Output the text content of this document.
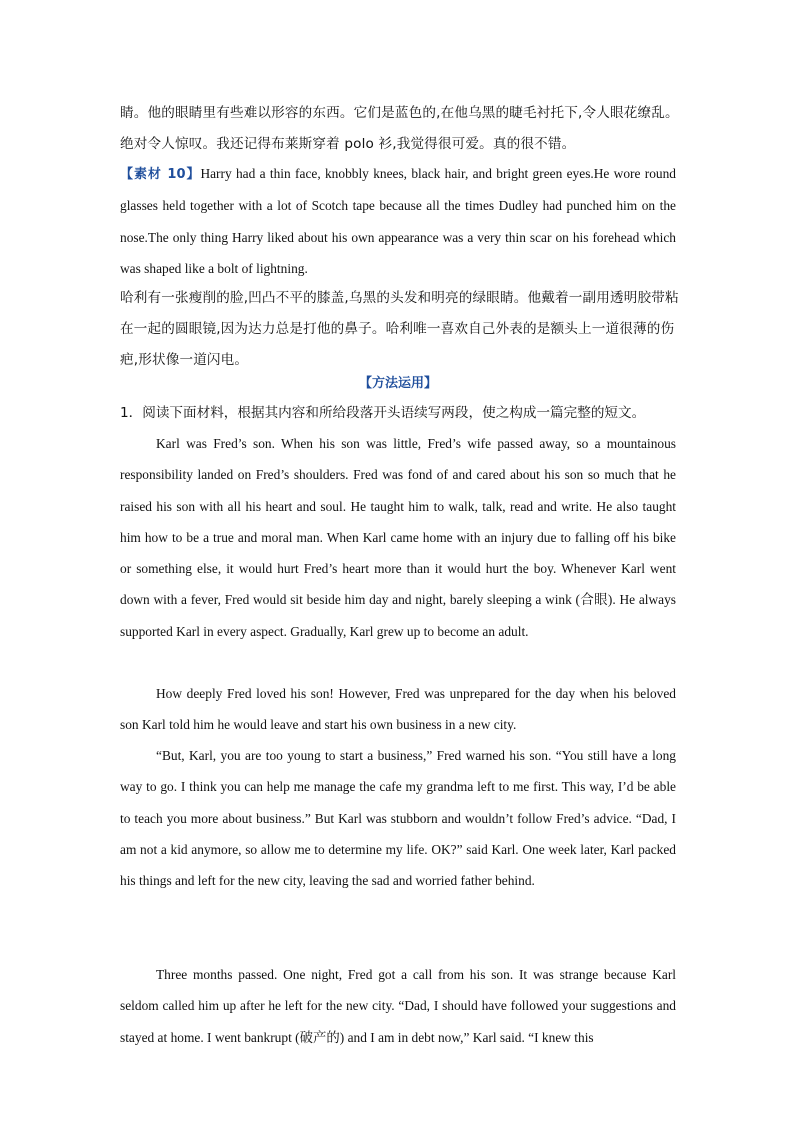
睛。他的眼睛里有些难以形容的东西。它们是蓝色的,在他乌黑的睫毛衬托下,令人眼花缭乱。

绝对令人惊叹。我还记得布莱斯穿着 polo 衫,我觉得很可爱。真的很不错。

【素材 10】Harry had a thin face, knobbly knees, black hair, and bright green eyes.He wore round glasses held together with a lot of Scotch tape because all the times Dudley had punched him on the nose.The only thing Harry liked about his own appearance was a very thin scar on his forehead which was shaped like a bolt of lightning.

哈利有一张瘦削的脸,凹凸不平的膝盖,乌黑的头发和明亮的绿眼睛。他戴着一副用透明胶带粘在一起的圆眼镜,因为达力总是打他的鼻子。哈利唯一喜欢自己外表的是额头上一道很薄的伤疤,形状像一道闪电。

【方法运用】

1．阅读下面材料，根据其内容和所给段落开头语续写两段，使之构成一篇完整的短文。

Karl was Fred’s son. When his son was little, Fred’s wife passed away, so a mountainous responsibility landed on Fred’s shoulders. Fred was fond of and cared about his son so much that he raised his son with all his heart and soul. He taught him to walk, talk, read and write. He also taught him how to be a true and moral man. When Karl came home with an injury due to falling off his bike or something else, it would hurt Fred’s heart more than it would hurt the boy. Whenever Karl went down with a fever, Fred would sit beside him day and night, barely sleeping a wink (合眼). He always supported Karl in every aspect. Gradually, Karl grew up to become an adult.

How deeply Fred loved his son! However, Fred was unprepared for the day when his beloved son Karl told him he would leave and start his own business in a new city.

“But, Karl, you are too young to start a business,” Fred warned his son. “You still have a long way to go. I think you can help me manage the cafe my grandma left to me first. This way, I’d be able to teach you more about business.” But Karl was stubborn and wouldn’t follow Fred’s advice. “Dad, I am not a kid anymore, so allow me to determine my life. OK?” said Karl. One week later, Karl packed his things and left for the new city, leaving the sad and worried father behind.

Three months passed. One night, Fred got a call from his son. It was strange because Karl seldom called him up after he left for the new city. “Dad, I should have followed your suggestions and stayed at home. I went bankrupt (破产的) and I am in debt now,” Karl said. “I knew this
